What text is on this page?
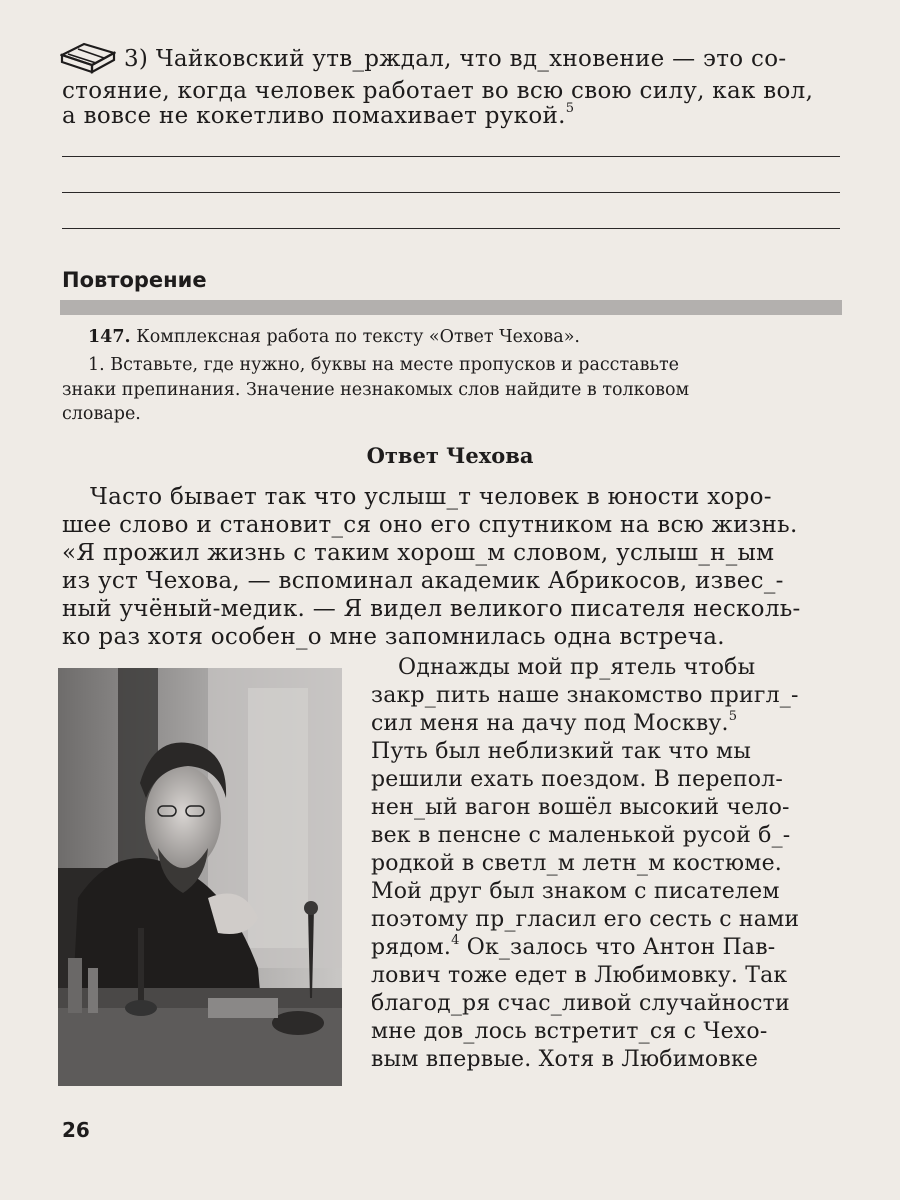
3) Чайковский утв_рждал, что вд_хновение — это со-
стояние, когда человек работает во всю свою силу, как вол,
а вовсе не кокетливо помахивает рукой.$^5$
Повторение
147. Комплексная работа по тексту «Ответ Чехова».
1. Вставьте, где нужно, буквы на месте пропусков и расставьте
знаки препинания. Значение незнакомых слов найдите в толковом
словаре.
Ответ Чехова
Часто бывает так что услыш_т человек в юности хоро-
шее слово и становит_ся оно его спутником на всю жизнь.
«Я прожил жизнь с таким хорош_м словом, услыш_н_ым
из уст Чехова, — вспоминал академик Абрикосов, извес_-
ный учёный-медик. — Я видел великого писателя несколь-
ко раз хотя особен_о мне запомнилась одна встреча.
Однажды мой пр_ятель чтобы
закр_пить наше знакомство пригл_-
сил меня на дачу под Москву.$^5$
Путь был неблизкий так что мы
решили ехать поездом. В перепол-
нен_ый вагон вошёл высокий чело-
век в пенсне с маленькой русой б_-
родкой в светл_м летн_м костюме.
Мой друг был знаком с писателем
поэтому пр_гласил его сесть с нами
рядом.$^4$ Ок_залось что Антон Пав-
лович тоже едет в Любимовку. Так
благод_ря счас_ливой случайности
мне дов_лось встретит_ся с Чехо-
вым впервые. Хотя в Любимовке
26
